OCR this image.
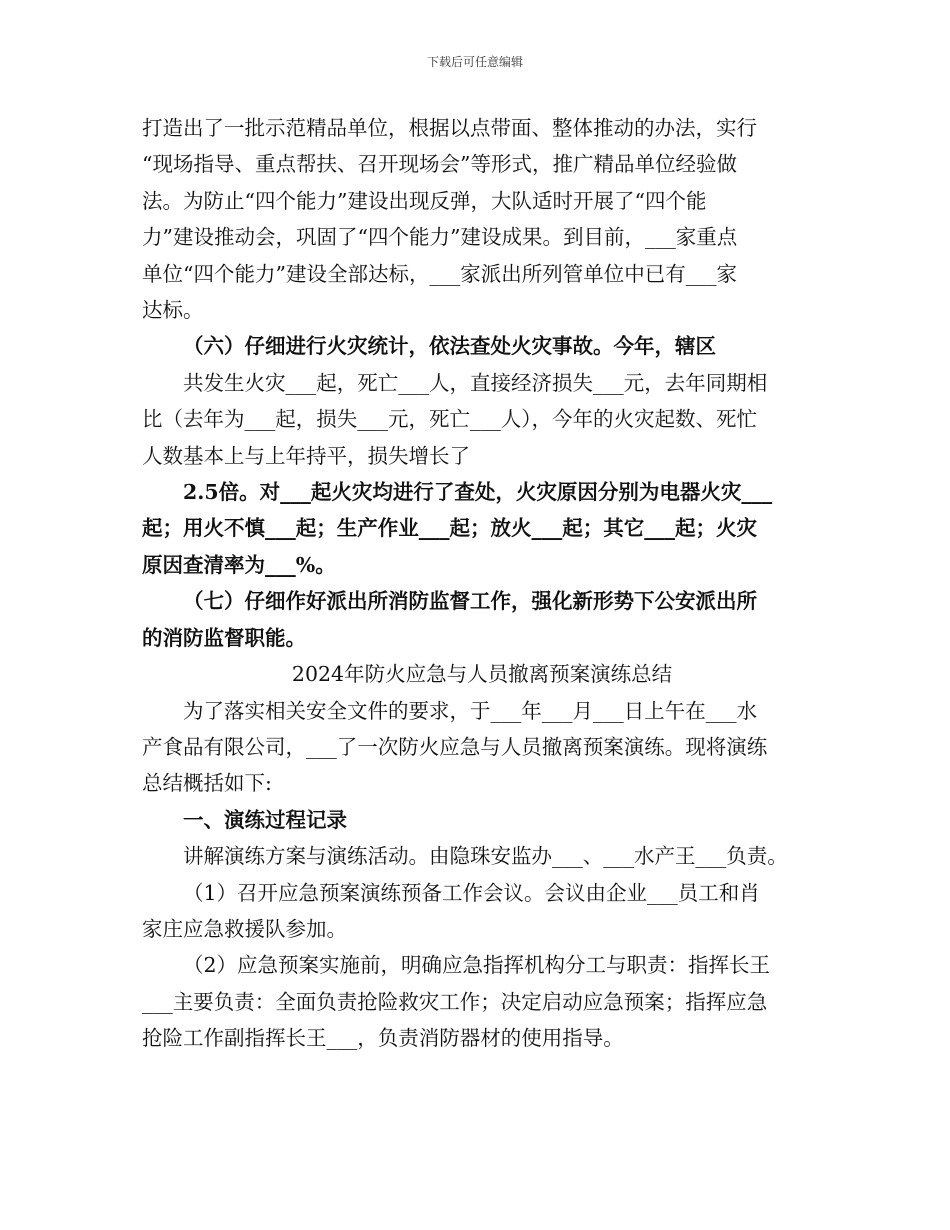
下载后可任意编辑

打造出了一批示范精品单位，根据以点带面、整体推动的办法，实行

“现场指导、重点帮扶、召开现场会”等形式，推广精品单位经验做

法。为防止“四个能力”建设出现反弹，大队适时开展了“四个能

力”建设推动会，巩固了“四个能力”建设成果。到目前，___家重点

单位“四个能力”建设全部达标，___家派出所列管单位中已有___家

达标。

（六）仔细进行火灾统计，依法查处火灾事故。今年，辖区

共发生火灾___起，死亡___人，直接经济损失___元，去年同期相

比（去年为___起，损失___元，死亡___人），今年的火灾起数、死忙

人数基本上与上年持平，损失增长了

2.5倍。对___起火灾均进行了查处，火灾原因分别为电器火灾___

起；用火不慎___起；生产作业___起；放火___起；其它___起；火灾

原因查清率为___%。

（七）仔细作好派出所消防监督工作，强化新形势下公安派出所

的消防监督职能。

2024年防火应急与人员撤离预案演练总结

为了落实相关安全文件的要求，于___年___月___日上午在___水

产食品有限公司，___了一次防火应急与人员撤离预案演练。现将演练

总结概括如下:

一、演练过程记录

讲解演练方案与演练活动。由隐珠安监办___、___水产王___负责。

（1）召开应急预案演练预备工作会议。会议由企业___员工和肖

家庄应急救援队参加。

（2）应急预案实施前，明确应急指挥机构分工与职责：指挥长王

___主要负责：全面负责抢险救灾工作；决定启动应急预案；指挥应急

抢险工作副指挥长王___，负责消防器材的使用指导。
